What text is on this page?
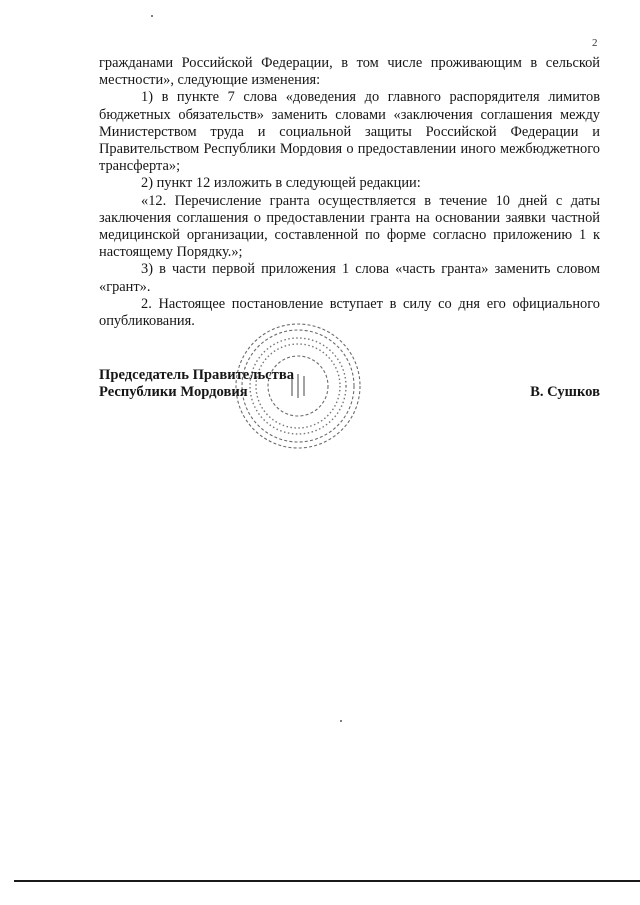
2

гражданами Российской Федерации, в том числе проживающим в сельской местности», следующие изменения:

1) в пункте 7 слова «доведения до главного распорядителя лимитов бюджетных обязательств» заменить словами «заключения соглашения между Министерством труда и социальной защиты Российской Федерации и Правительством Республики Мордовия о предоставлении иного межбюджетного трансферта»;

2) пункт 12 изложить в следующей редакции:

«12. Перечисление гранта осуществляется в течение 10 дней с даты заключения соглашения о предоставлении гранта на основании заявки частной медицинской организации, составленной по форме согласно приложению 1 к настоящему Порядку.»;

3) в части первой приложения 1 слова «часть гранта» заменить словом «грант».

2. Настоящее постановление вступает в силу со дня его официального опубликования.

Председатель Правительства
Республики Мордовия	В. Сушков
